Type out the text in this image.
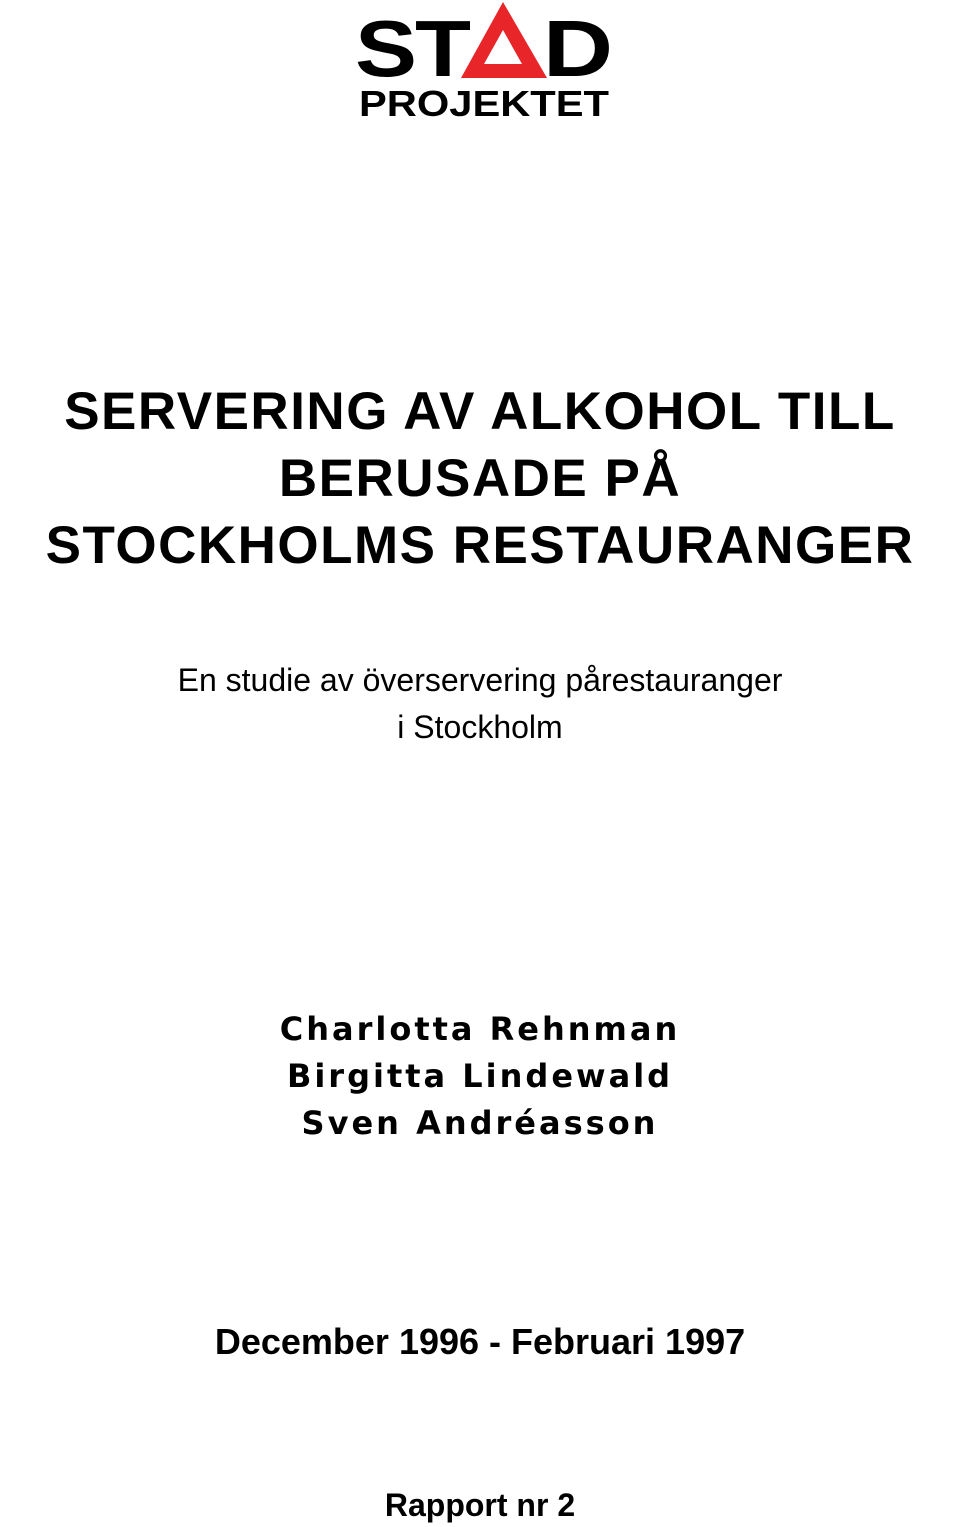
S
T D
PROJEKTET
SERVERING AV ALKOHOL TILL
BERUSADE PÅ
STOCKHOLMS RESTAURANGER
En studie av överservering pårestauranger
i Stockholm
Charlotta Rehnman
Birgitta Lindewald
Sven Andréasson
December 1996 - Februari 1997
Rapport nr 2
